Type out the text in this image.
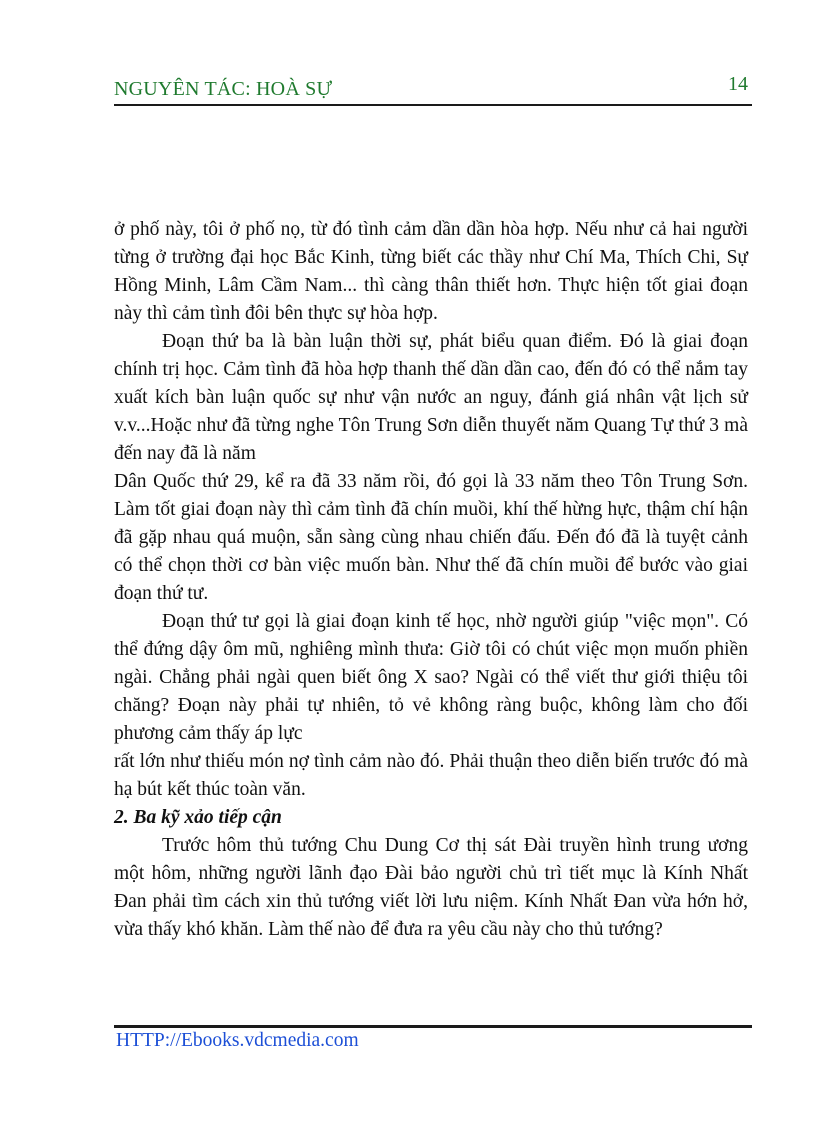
NGUYÊN TÁC: HOÀ SỰ	14

ở phố này, tôi ở phố nọ, từ đó tình cảm dần dần hòa hợp. Nếu như cả hai người từng ở trường đại học Bắc Kinh, từng biết các thầy như Chí Ma, Thích Chi, Sự Hồng Minh, Lâm Cầm Nam... thì càng thân thiết hơn. Thực hiện tốt giai đoạn này thì cảm tình đôi bên thực sự hòa hợp.

Đoạn thứ ba là bàn luận thời sự, phát biểu quan điểm. Đó là giai đoạn chính trị học. Cảm tình đã hòa hợp thanh thế dần dần cao, đến đó có thể nắm tay xuất kích bàn luận quốc sự như vận nước an nguy, đánh giá nhân vật lịch sử v.v...Hoặc như đã từng nghe Tôn Trung Sơn diễn thuyết năm Quang Tự thứ 3 mà đến nay đã là năm

Dân Quốc thứ 29, kể ra đã 33 năm rồi, đó gọi là 33 năm theo Tôn Trung Sơn. Làm tốt giai đoạn này thì cảm tình đã chín muồi, khí thế hừng hực, thậm chí hận đã gặp nhau quá muộn, sẵn sàng cùng nhau chiến đấu. Đến đó đã là tuyệt cảnh có thể chọn thời cơ bàn việc muốn bàn. Như thế đã chín muồi để bước vào giai đoạn thứ tư.

Đoạn thứ tư gọi là giai đoạn kinh tế học, nhờ người giúp "việc mọn". Có thể đứng dậy ôm mũ, nghiêng mình thưa: Giờ tôi có chút việc mọn muốn phiền ngài. Chẳng phải ngài quen biết ông X sao? Ngài có thể viết thư giới thiệu tôi chăng? Đoạn này phải tự nhiên, tỏ vẻ không ràng buộc, không làm cho đối phương cảm thấy áp lực

rất lớn như thiếu món nợ tình cảm nào đó. Phải thuận theo diễn biến trước đó mà hạ bút kết thúc toàn văn.

2. Ba kỹ xảo tiếp cận

Trước hôm thủ tướng Chu Dung Cơ thị sát Đài truyền hình trung ương một hôm, những người lãnh đạo Đài bảo người chủ trì tiết mục là Kính Nhất Đan phải tìm cách xin thủ tướng viết lời lưu niệm. Kính Nhất Đan vừa hớn hở, vừa thấy khó khăn. Làm thế nào để đưa ra yêu cầu này cho thủ tướng?

HTTP://Ebooks.vdcmedia.com
